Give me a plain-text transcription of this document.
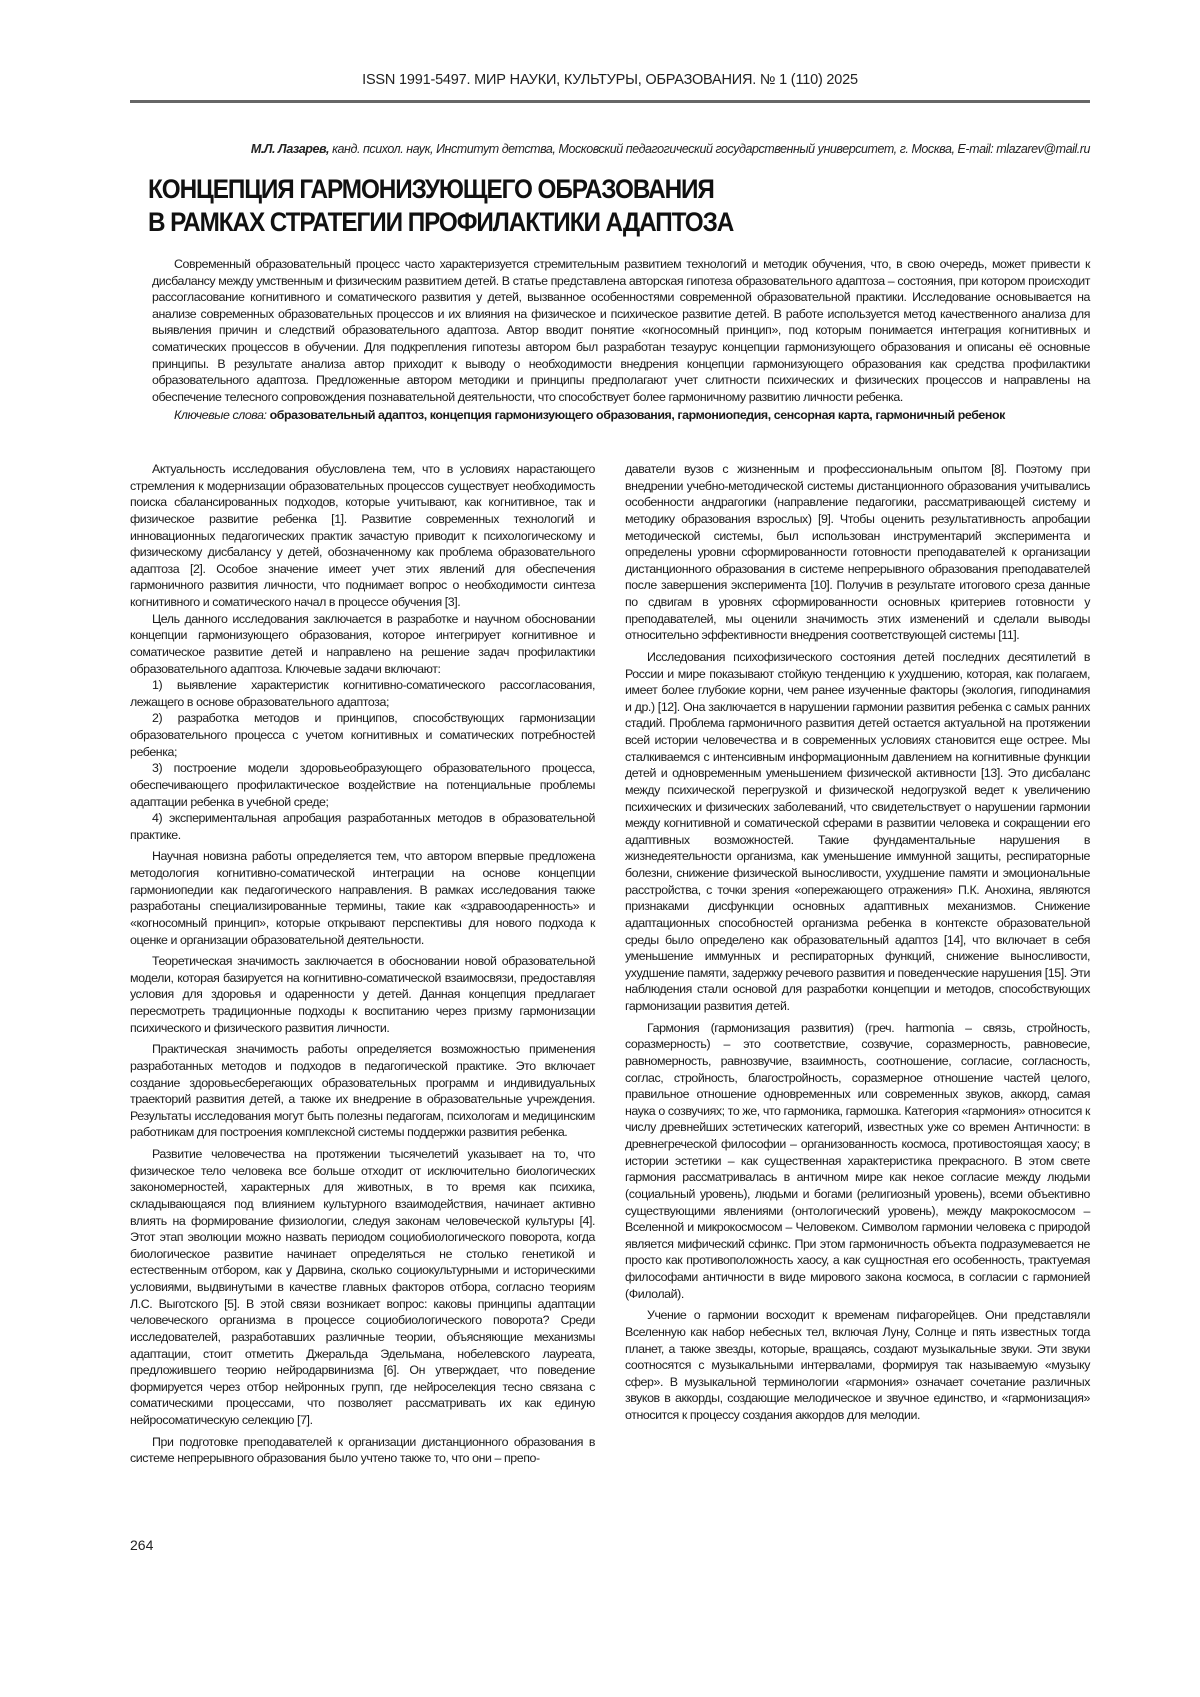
ISSN 1991-5497. МИР НАУКИ, КУЛЬТУРЫ, ОБРАЗОВАНИЯ. № 1 (110) 2025
М.Л. Лазарев, канд. психол. наук, Институт детства, Московский педагогический государственный университет, г. Москва, E-mail: mlazarev@mail.ru
КОНЦЕПЦИЯ ГАРМОНИЗУЮЩЕГО ОБРАЗОВАНИЯ
В РАМКАХ СТРАТЕГИИ ПРОФИЛАКТИКИ АДАПТОЗА

Современный образовательный процесс часто характеризуется стремительным развитием технологий и методик обучения, что, в свою очередь, может привести к дисбалансу между умственным и физическим развитием детей. В статье представлена авторская гипотеза образовательного адаптоза – состояния, при котором происходит рассогласование когнитивного и соматического развития у детей, вызванное особенностями современной образовательной практики. Исследование основывается на анализе современных образовательных процессов и их влияния на физическое и психическое развитие детей. В работе используется метод качественного анализа для выявления причин и следствий образовательного адаптоза. Автор вводит понятие «когносомный принцип», под которым понимается интеграция когнитивных и соматических процессов в обучении. Для подкрепления гипотезы автором был разработан тезаурус концепции гармонизующего образования и описаны её основные принципы. В результате анализа автор приходит к выводу о необходимости внедрения концепции гармонизующего образования как средства профилактики образовательного адаптоза. Предложенные автором методики и принципы предполагают учет слитности психических и физических процессов и направлены на обеспечение телесного сопровождения познавательной деятельности, что способствует более гармоничному развитию личности ребенка.

Ключевые слова: образовательный адаптоз, концепция гармонизующего образования, гармониопедия, сенсорная карта, гармоничный ребенок

Актуальность исследования обусловлена тем, что в условиях нарастающего стремления к модернизации образовательных процессов существует необходимость поиска сбалансированных подходов, которые учитывают, как когнитивное, так и физическое развитие ребенка [1]. Развитие современных технологий и инновационных педагогических практик зачастую приводит к психологическому и физическому дисбалансу у детей, обозначенному как проблема образовательного адаптоза [2]. Особое значение имеет учет этих явлений для обеспечения гармоничного развития личности, что поднимает вопрос о необходимости синтеза когнитивного и соматического начал в процессе обучения [3].

Цель данного исследования заключается в разработке и научном обосновании концепции гармонизующего образования, которое интегрирует когнитивное и соматическое развитие детей и направлено на решение задач профилактики образовательного адаптоза. Ключевые задачи включают:

1) выявление характеристик когнитивно-соматического рассогласования, лежащего в основе образовательного адаптоза;

2) разработка методов и принципов, способствующих гармонизации образовательного процесса с учетом когнитивных и соматических потребностей ребенка;

3) построение модели здоровьеобразующего образовательного процесса, обеспечивающего профилактическое воздействие на потенциальные проблемы адаптации ребенка в учебной среде;

4) экспериментальная апробация разработанных методов в образовательной практике.

Научная новизна работы определяется тем, что автором впервые предложена методология когнитивно-соматической интеграции на основе концепции гармониопедии как педагогического направления. В рамках исследования также разработаны специализированные термины, такие как «здравоодаренность» и «когносомный принцип», которые открывают перспективы для нового подхода к оценке и организации образовательной деятельности.

Теоретическая значимость заключается в обосновании новой образовательной модели, которая базируется на когнитивно-соматической взаимосвязи, предоставляя условия для здоровья и одаренности у детей. Данная концепция предлагает пересмотреть традиционные подходы к воспитанию через призму гармонизации психического и физического развития личности.

Практическая значимость работы определяется возможностью применения разработанных методов и подходов в педагогической практике. Это включает создание здоровьесберегающих образовательных программ и индивидуальных траекторий развития детей, а также их внедрение в образовательные учреждения. Результаты исследования могут быть полезны педагогам, психологам и медицинским работникам для построения комплексной системы поддержки развития ребенка.

Развитие человечества на протяжении тысячелетий указывает на то, что физическое тело человека все больше отходит от исключительно биологических закономерностей, характерных для животных, в то время как психика, складывающаяся под влиянием культурного взаимодействия, начинает активно влиять на формирование физиологии, следуя законам человеческой культуры [4]. Этот этап эволюции можно назвать периодом социобиологического поворота, когда биологическое развитие начинает определяться не столько генетикой и естественным отбором, как у Дарвина, сколько социокультурными и историческими условиями, выдвинутыми в качестве главных факторов отбора, согласно теориям Л.С. Выготского [5]. В этой связи возникает вопрос: каковы принципы адаптации человеческого организма в процессе социобиологического поворота? Среди исследователей, разработавших различные теории, объясняющие механизмы адаптации, стоит отметить Джеральда Эдельмана, нобелевского лауреата, предложившего теорию нейродарвинизма [6]. Он утверждает, что поведение формируется через отбор нейронных групп, где нейроселекция тесно связана с соматическими процессами, что позволяет рассматривать их как единую нейросоматическую селекцию [7].

При подготовке преподавателей к организации дистанционного образования в системе непрерывного образования было учтено также то, что они – препо-

даватели вузов с жизненным и профессиональным опытом [8]. Поэтому при внедрении учебно-методической системы дистанционного образования учитывались особенности андрагогики (направление педагогики, рассматривающей систему и методику образования взрослых) [9]. Чтобы оценить результативность апробации методической системы, был использован инструментарий эксперимента и определены уровни сформированности готовности преподавателей к организации дистанционного образования в системе непрерывного образования преподавателей после завершения эксперимента [10]. Получив в результате итогового среза данные по сдвигам в уровнях сформированности основных критериев готовности у преподавателей, мы оценили значимость этих изменений и сделали выводы относительно эффективности внедрения соответствующей системы [11].

Исследования психофизического состояния детей последних десятилетий в России и мире показывают стойкую тенденцию к ухудшению, которая, как полагаем, имеет более глубокие корни, чем ранее изученные факторы (экология, гиподинамия и др.) [12]. Она заключается в нарушении гармонии развития ребенка с самых ранних стадий. Проблема гармоничного развития детей остается актуальной на протяжении всей истории человечества и в современных условиях становится еще острее. Мы сталкиваемся с интенсивным информационным давлением на когнитивные функции детей и одновременным уменьшением физической активности [13]. Это дисбаланс между психической перегрузкой и физической недогрузкой ведет к увеличению психических и физических заболеваний, что свидетельствует о нарушении гармонии между когнитивной и соматической сферами в развитии человека и сокращении его адаптивных возможностей. Такие фундаментальные нарушения в жизнедеятельности организма, как уменьшение иммунной защиты, респираторные болезни, снижение физической выносливости, ухудшение памяти и эмоциональные расстройства, с точки зрения «опережающего отражения» П.К. Анохина, являются признаками дисфункции основных адаптивных механизмов. Снижение адаптационных способностей организма ребенка в контексте образовательной среды было определено как образовательный адаптоз [14], что включает в себя уменьшение иммунных и респираторных функций, снижение выносливости, ухудшение памяти, задержку речевого развития и поведенческие нарушения [15]. Эти наблюдения стали основой для разработки концепции и методов, способствующих гармонизации развития детей.

Гармония (гармонизация развития) (греч. harmonia – связь, стройность, соразмерность) – это соответствие, созвучие, соразмерность, равновесие, равномерность, равнозвучие, взаимность, соотношение, согласие, согласность, соглас, стройность, благостройность, соразмерное отношение частей целого, правильное отношение одновременных или современных звуков, аккорд, самая наука о созвучиях; то же, что гармоника, гармошка. Категория «гармония» относится к числу древнейших эстетических категорий, известных уже со времен Античности: в древнегреческой философии – организованность космоса, противостоящая хаосу; в истории эстетики – как существенная характеристика прекрасного. В этом свете гармония рассматривалась в античном мире как некое согласие между людьми (социальный уровень), людьми и богами (религиозный уровень), всеми объективно существующими явлениями (онтологический уровень), между макрокосмосом – Вселенной и микрокосмосом – Человеком. Символом гармонии человека с природой является мифический сфинкс. При этом гармоничность объекта подразумевается не просто как противоположность хаосу, а как сущностная его особенность, трактуемая философами античности в виде мирового закона космоса, в согласии с гармонией (Филолай).

Учение о гармонии восходит к временам пифагорейцев. Они представляли Вселенную как набор небесных тел, включая Луну, Солнце и пять известных тогда планет, а также звезды, которые, вращаясь, создают музыкальные звуки. Эти звуки соотносятся с музыкальными интервалами, формируя так называемую «музыку сфер». В музыкальной терминологии «гармония» означает сочетание различных звуков в аккорды, создающие мелодическое и звучное единство, и «гармонизация» относится к процессу создания аккордов для мелодии.

264
